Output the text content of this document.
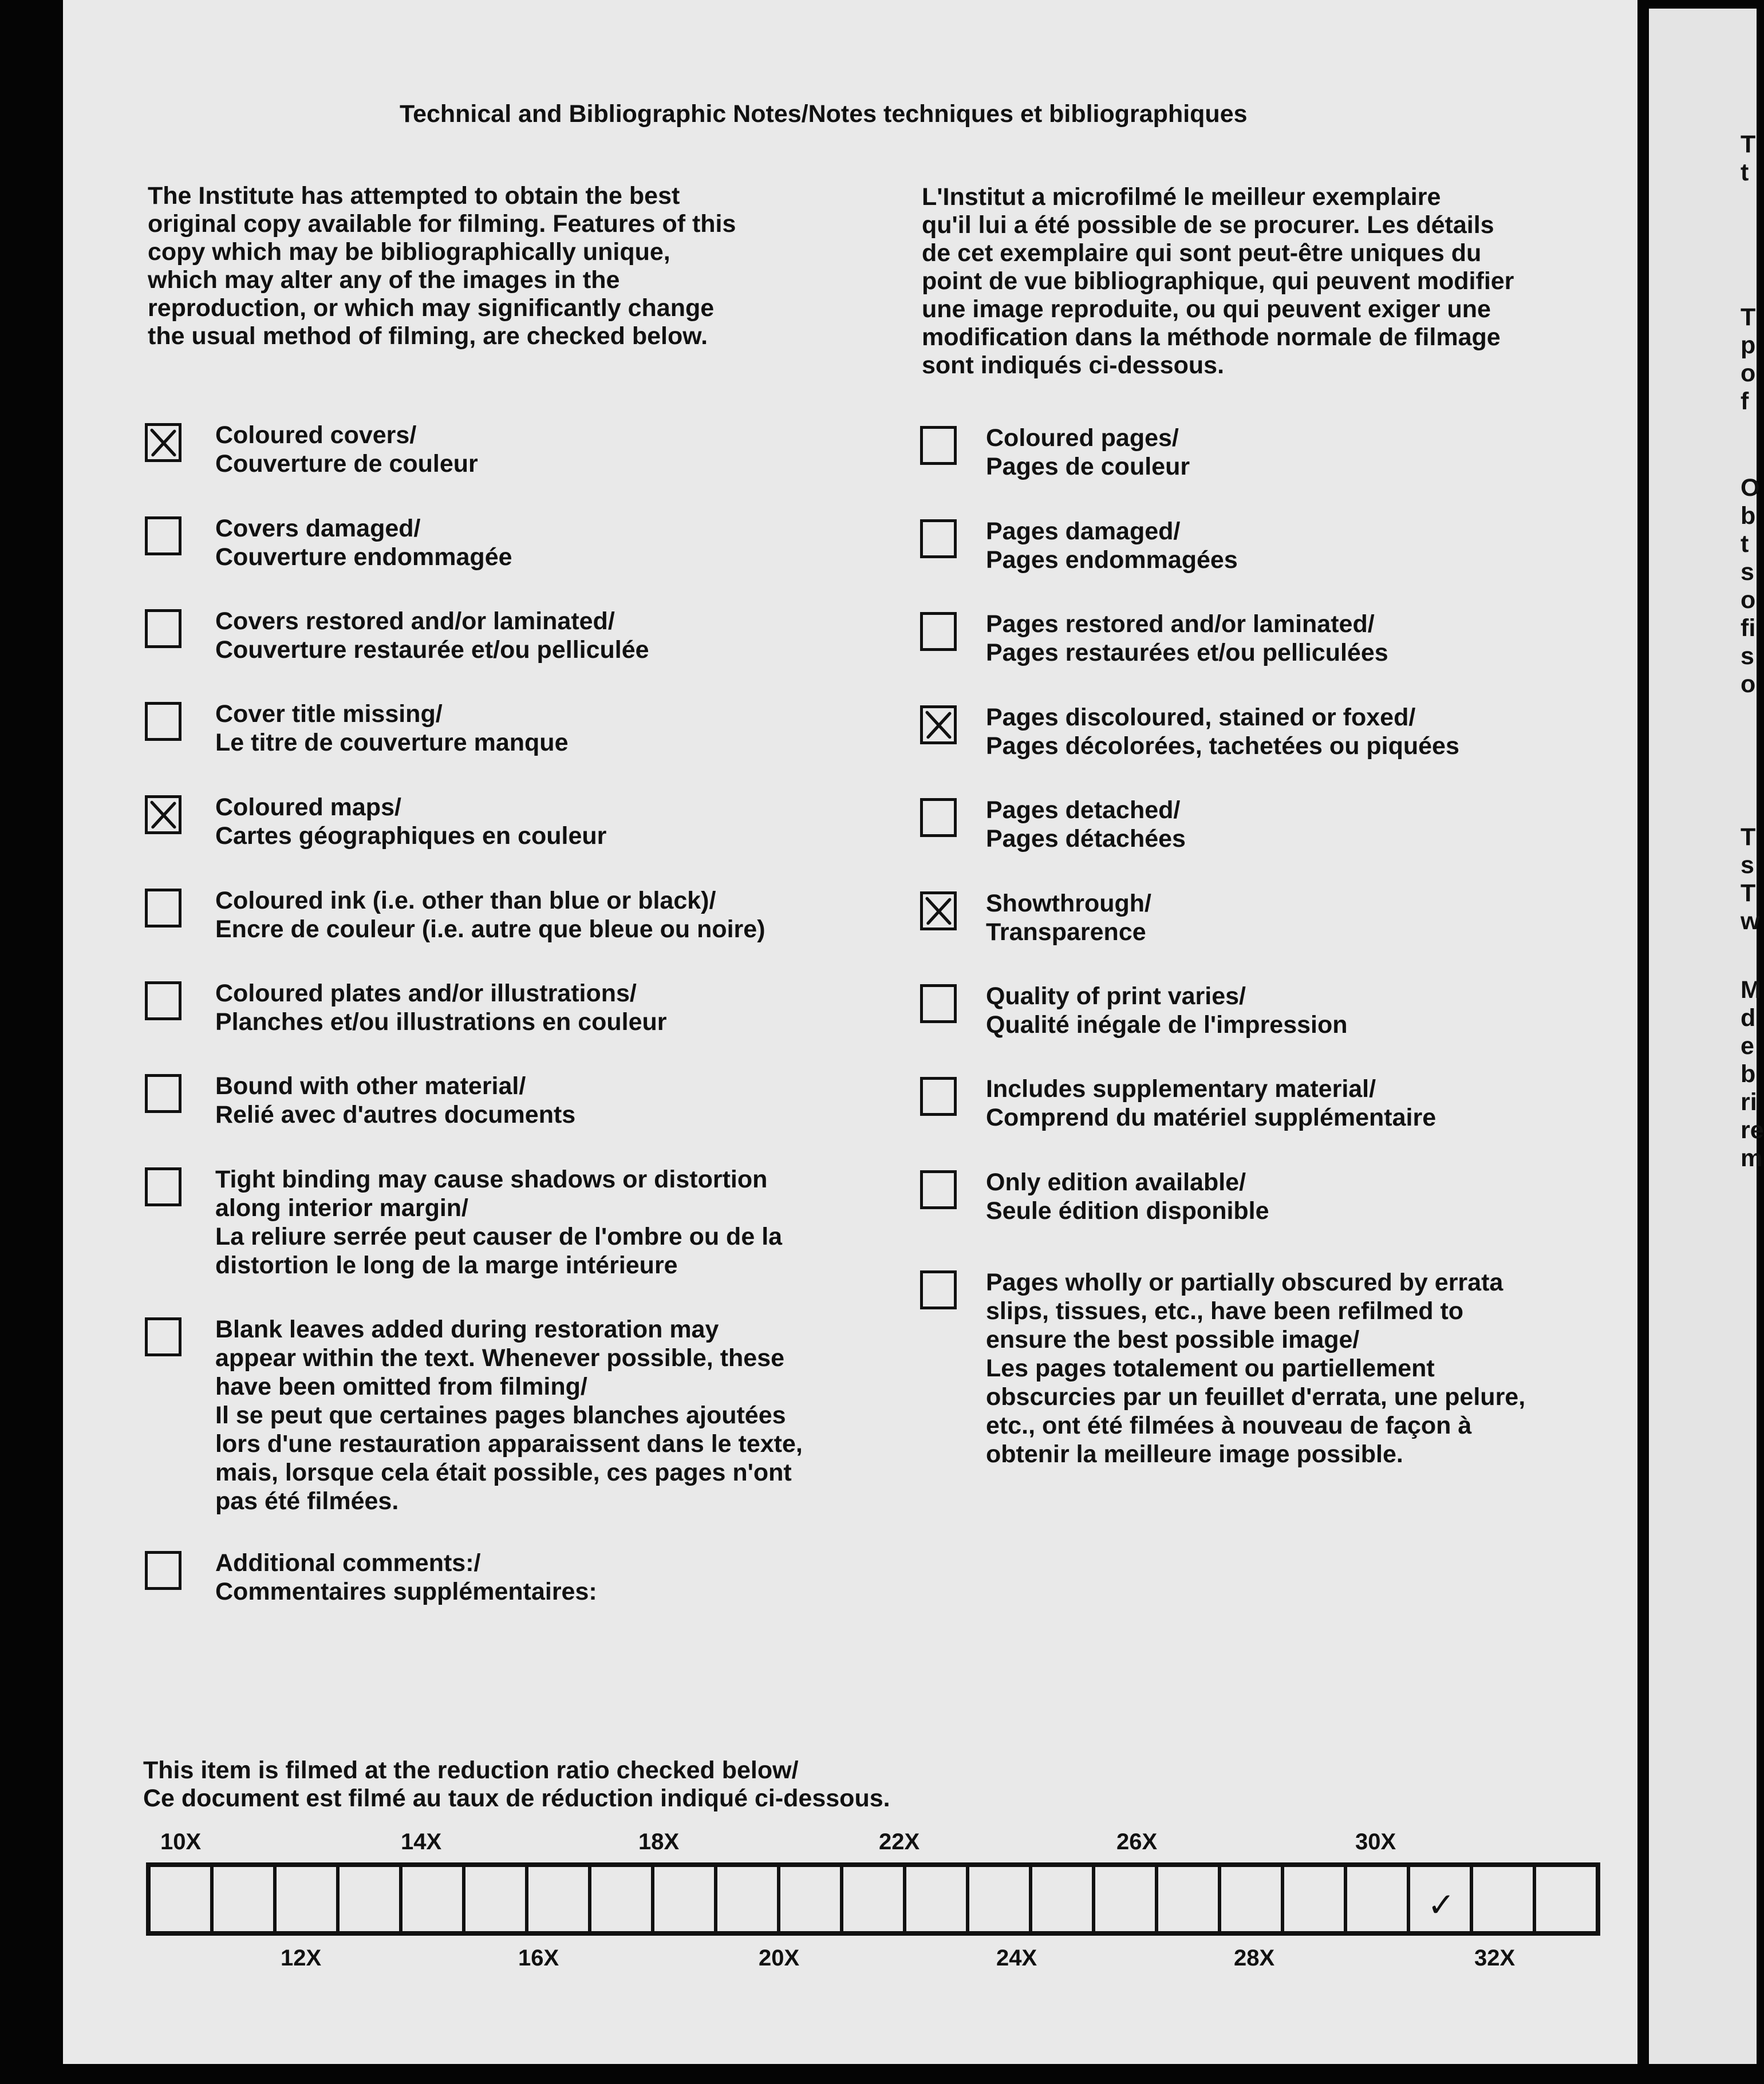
Technical and Bibliographic Notes/Notes techniques et bibliographiques
The Institute has attempted to obtain the best
original copy available for filming. Features of this
copy which may be bibliographically unique,
which may alter any of the images in the
reproduction, or which may significantly change
the usual method of filming, are checked below.
L'Institut a microfilmé le meilleur exemplaire
qu'il lui a été possible de se procurer. Les détails
de cet exemplaire qui sont peut-être uniques du
point de vue bibliographique, qui peuvent modifier
une image reproduite, ou qui peuvent exiger une
modification dans la méthode normale de filmage
sont indiqués ci-dessous.
Coloured covers/
Couverture de couleur
Covers damaged/
Couverture endommagée
Covers restored and/or laminated/
Couverture restaurée et/ou pelliculée
Cover title missing/
Le titre de couverture manque
Coloured maps/
Cartes géographiques en couleur
Coloured ink (i.e. other than blue or black)/
Encre de couleur (i.e. autre que bleue ou noire)
Coloured plates and/or illustrations/
Planches et/ou illustrations en couleur
Bound with other material/
Relié avec d'autres documents
Tight binding may cause shadows or distortion
along interior margin/
La reliure serrée peut causer de l'ombre ou de la
distortion le long de la marge intérieure
Blank leaves added during restoration may
appear within the text. Whenever possible, these
have been omitted from filming/
Il se peut que certaines pages blanches ajoutées
lors d'une restauration apparaissent dans le texte,
mais, lorsque cela était possible, ces pages n'ont
pas été filmées.
Additional comments:/
Commentaires supplémentaires:
Coloured pages/
Pages de couleur
Pages damaged/
Pages endommagées
Pages restored and/or laminated/
Pages restaurées et/ou pelliculées
Pages discoloured, stained or foxed/
Pages décolorées, tachetées ou piquées
Pages detached/
Pages détachées
Showthrough/
Transparence
Quality of print varies/
Qualité inégale de l'impression
Includes supplementary material/
Comprend du matériel supplémentaire
Only edition available/
Seule édition disponible
Pages wholly or partially obscured by errata
slips, tissues, etc., have been refilmed to
ensure the best possible image/
Les pages totalement ou partiellement
obscurcies par un feuillet d'errata, une pelure,
etc., ont été filmées à nouveau de façon à
obtenir la meilleure image possible.
This item is filmed at the reduction ratio checked below/
Ce document est filmé au taux de réduction indiqué ci-dessous.
10X	14X	18X	22X	26X	30X
✓
12X	16X	20X	24X	28X	32X
T
t
T
p
o
f
O
b
t
s
o
fi
s
o
T
s
T
w
M
d
e
b
ri
re
m
